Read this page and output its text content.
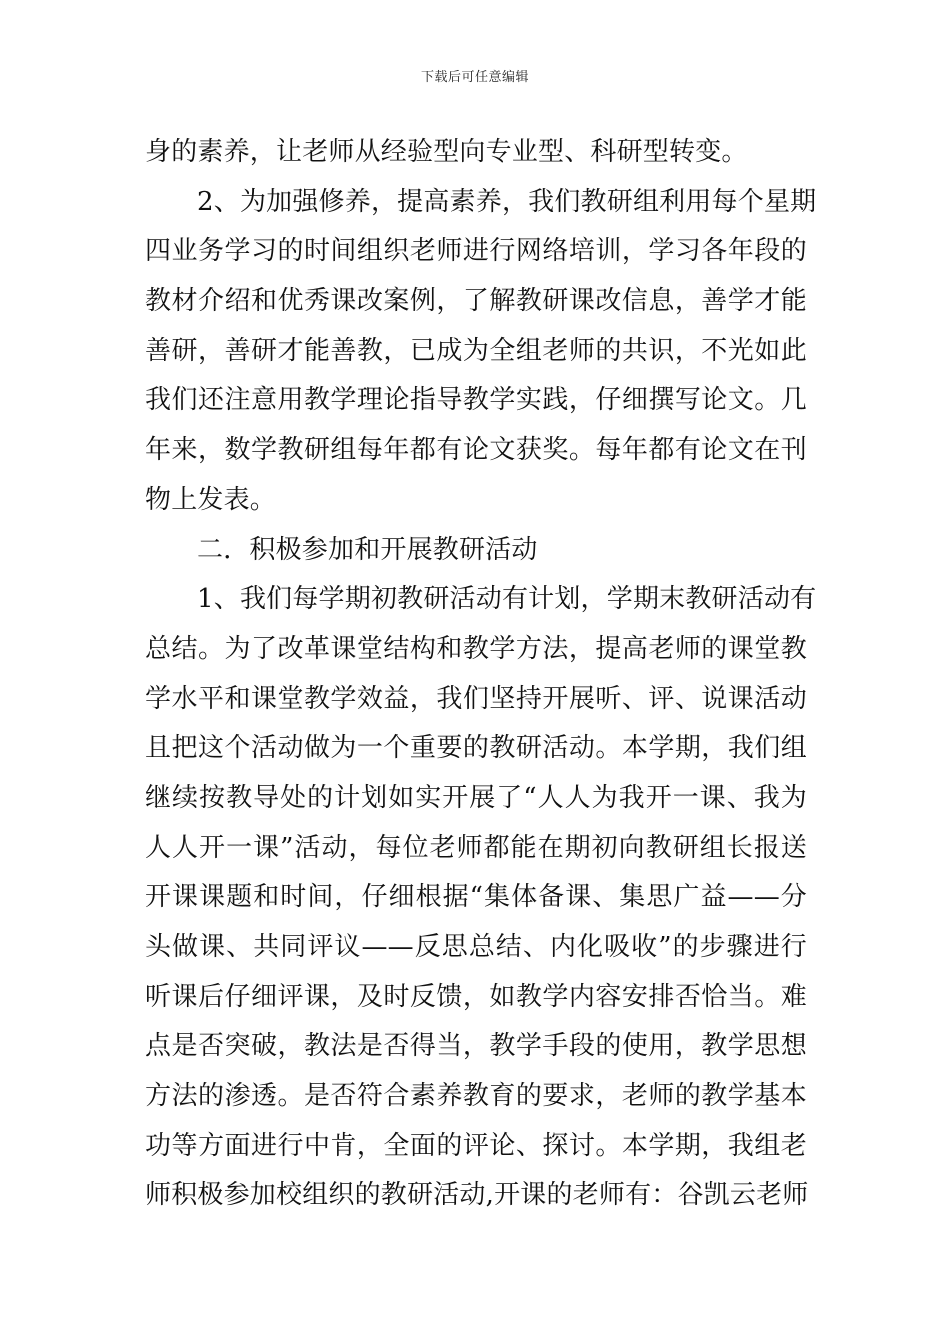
下载后可任意编辑
身的素养，让老师从经验型向专业型、科研型转变。
2、为加强修养，提高素养，我们教研组利用每个星期
四业务学习的时间组织老师进行网络培训，学习各年段的
教材介绍和优秀课改案例，了解教研课改信息，善学才能
善研，善研才能善教，已成为全组老师的共识，不光如此
我们还注意用教学理论指导教学实践，仔细撰写论文。几
年来，数学教研组每年都有论文获奖。每年都有论文在刊
物上发表。
二．积极参加和开展教研活动
1、我们每学期初教研活动有计划，学期末教研活动有
总结。为了改革课堂结构和教学方法，提高老师的课堂教
学水平和课堂教学效益，我们坚持开展听、评、说课活动
且把这个活动做为一个重要的教研活动。本学期，我们组
继续按教导处的计划如实开展了“人人为我开一课、我为
人人开一课”活动，每位老师都能在期初向教研组长报送
开课课题和时间，仔细根据“集体备课、集思广益——分
头做课、共同评议——反思总结、内化吸收”的步骤进行
听课后仔细评课，及时反馈，如教学内容安排否恰当。难
点是否突破，教法是否得当，教学手段的使用，教学思想
方法的渗透。是否符合素养教育的要求，老师的教学基本
功等方面进行中肯，全面的评论、探讨。本学期，我组老
师积极参加校组织的教研活动,开课的老师有：谷凯云老师
